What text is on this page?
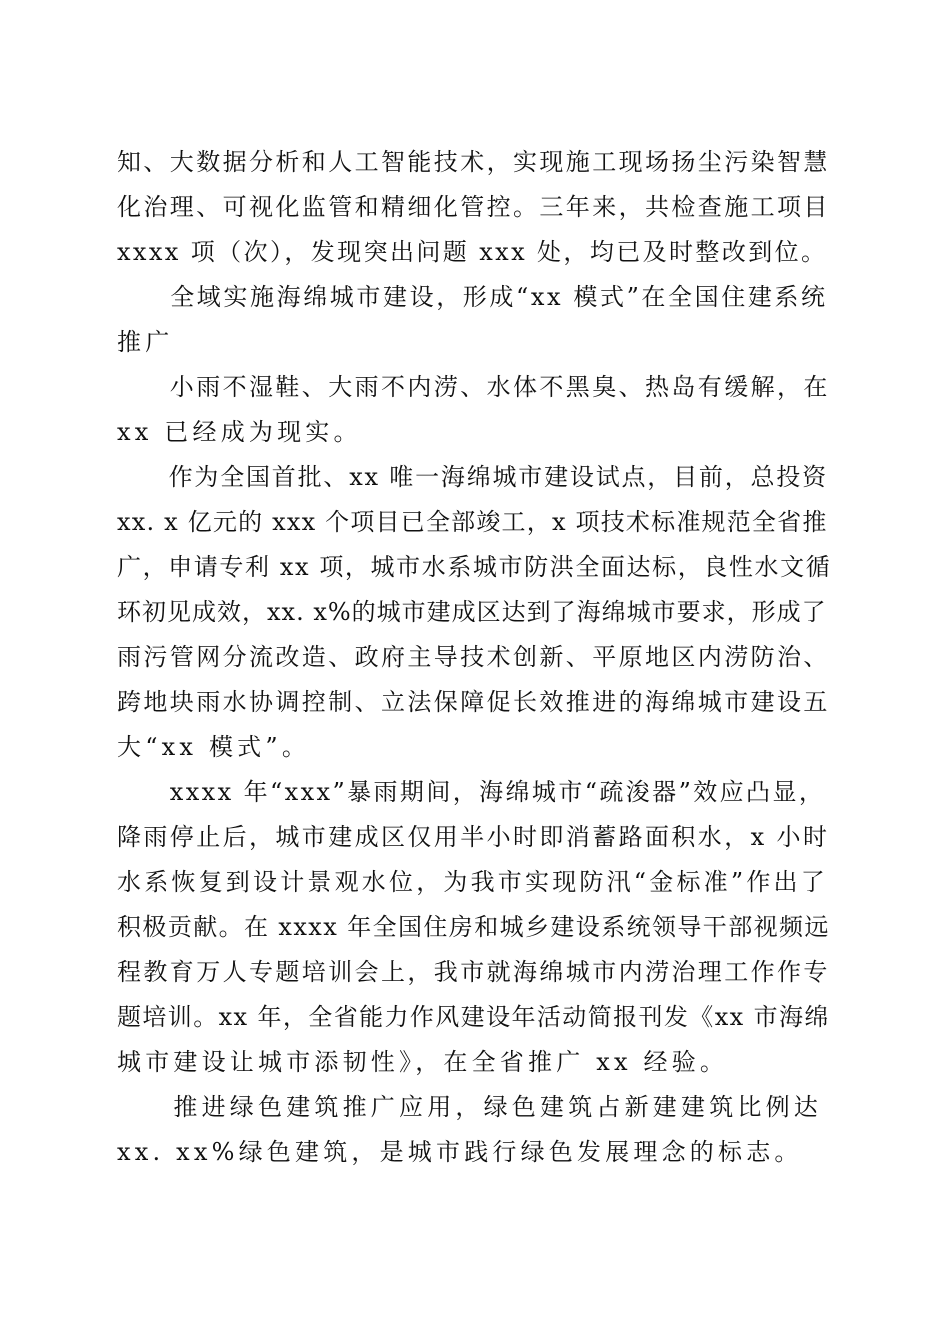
知、大数据分析和人工智能技术，实现施工现场扬尘污染智慧
化治理、可视化监管和精细化管控。三年来，共检查施工项目
xxxx 项（次），发现突出问题 xxx 处，均已及时整改到位。
　　全域实施海绵城市建设，形成“xx 模式”在全国住建系统
推广
　　小雨不湿鞋、大雨不内涝、水体不黑臭、热岛有缓解，在
xx 已经成为现实。
　　作为全国首批、xx 唯一海绵城市建设试点，目前，总投资
xx. x 亿元的 xxx 个项目已全部竣工，x 项技术标准规范全省推
广，申请专利 xx 项，城市水系城市防洪全面达标，良性水文循
环初见成效，xx. x%的城市建成区达到了海绵城市要求，形成了
雨污管网分流改造、政府主导技术创新、平原地区内涝防治、
跨地块雨水协调控制、立法保障促长效推进的海绵城市建设五
大“xx 模式”。
　　xxxx 年“xxx”暴雨期间，海绵城市“疏浚器”效应凸显，
降雨停止后，城市建成区仅用半小时即消蓄路面积水，x 小时
水系恢复到设计景观水位，为我市实现防汛“金标准”作出了
积极贡献。在 xxxx 年全国住房和城乡建设系统领导干部视频远
程教育万人专题培训会上，我市就海绵城市内涝治理工作作专
题培训。xx 年，全省能力作风建设年活动简报刊发《xx 市海绵
城市建设让城市添韧性》，在全省推广 xx 经验。
　　推进绿色建筑推广应用，绿色建筑占新建建筑比例达
xx. xx%绿色建筑，是城市践行绿色发展理念的标志。
